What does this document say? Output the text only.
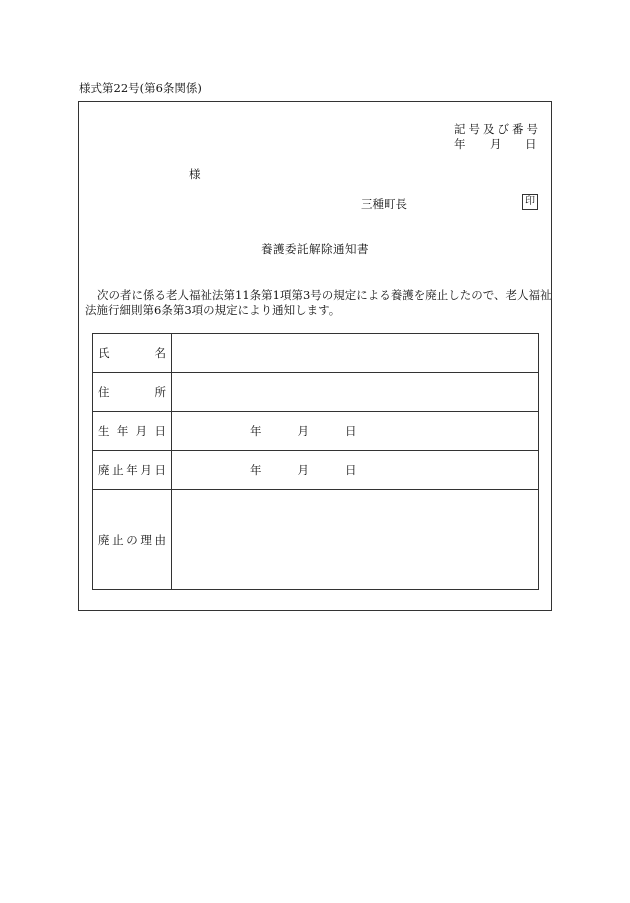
様式第22号(第6条関係)
記号及び番号
年 月 日
様
三種町長	印
養護委託解除通知書
次の者に係る老人福祉法第11条第1項第3号の規定による養護を廃止したので、老人福祉法施行細則第6条第3項の規定により通知します。
氏 名	

住 所	

生 年 月 日	年 月 日

廃 止 年 月 日	年 月 日

廃 止 の 理 由	
